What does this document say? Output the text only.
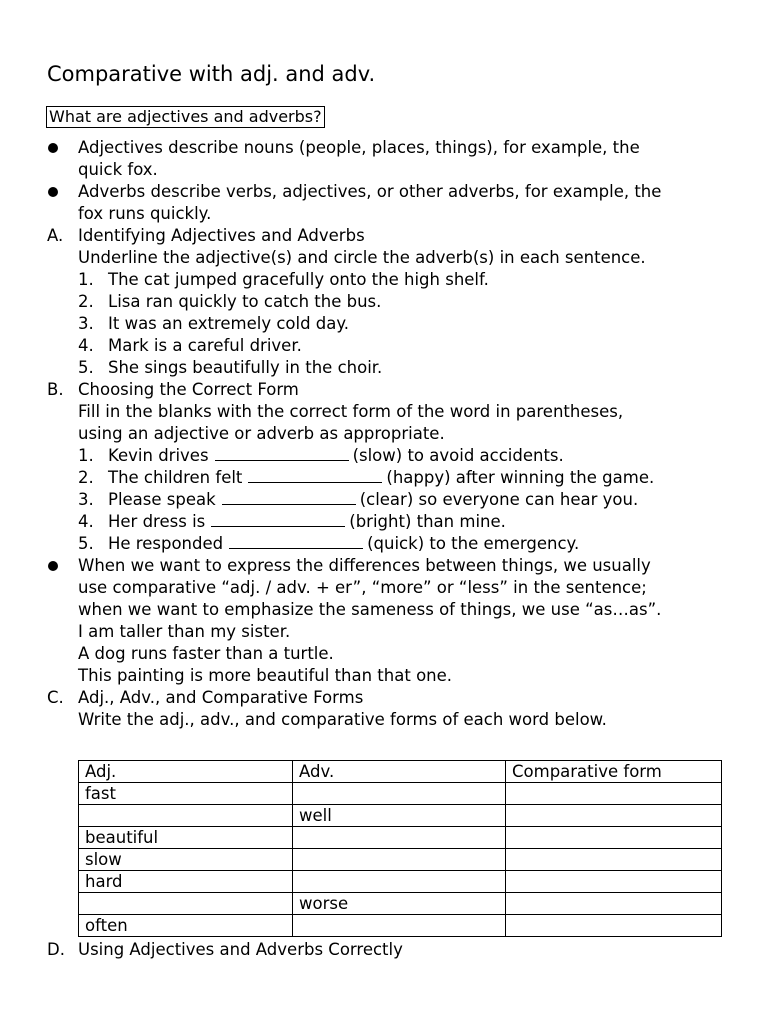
Comparative with adj. and adv.
What are adjectives and adverbs?
Adjectives describe nouns (people, places, things), for example, the
quick fox.
Adverbs describe verbs, adjectives, or other adverbs, for example, the
fox runs quickly.
A. Identifying Adjectives and Adverbs
Underline the adjective(s) and circle the adverb(s) in each sentence.
1. The cat jumped gracefully onto the high shelf.
2. Lisa ran quickly to catch the bus.
3. It was an extremely cold day.
4. Mark is a careful driver.
5. She sings beautifully in the choir.
B. Choosing the Correct Form
Fill in the blanks with the correct form of the word in parentheses,
using an adjective or adverb as appropriate.
1. Kevin drives	(slow) to avoid accidents.
2. The children felt	(happy) after winning the game.
3. Please speak	(clear) so everyone can hear you.
4. Her dress is	(bright) than mine.
5. He responded	(quick) to the emergency.
When we want to express the differences between things, we usually
use comparative “adj. / adv. + er”, “more” or “less” in the sentence;
when we want to emphasize the sameness of things, we use “as…as”.
I am taller than my sister.
A dog runs faster than a turtle.
This painting is more beautiful than that one.
C. Adj., Adv., and Comparative Forms
Write the adj., adv., and comparative forms of each word below.
Adj.	Adv.	Comparative form
fast		
	well	
beautiful		
slow		
hard		
	worse	
often		
D. Using Adjectives and Adverbs Correctly
